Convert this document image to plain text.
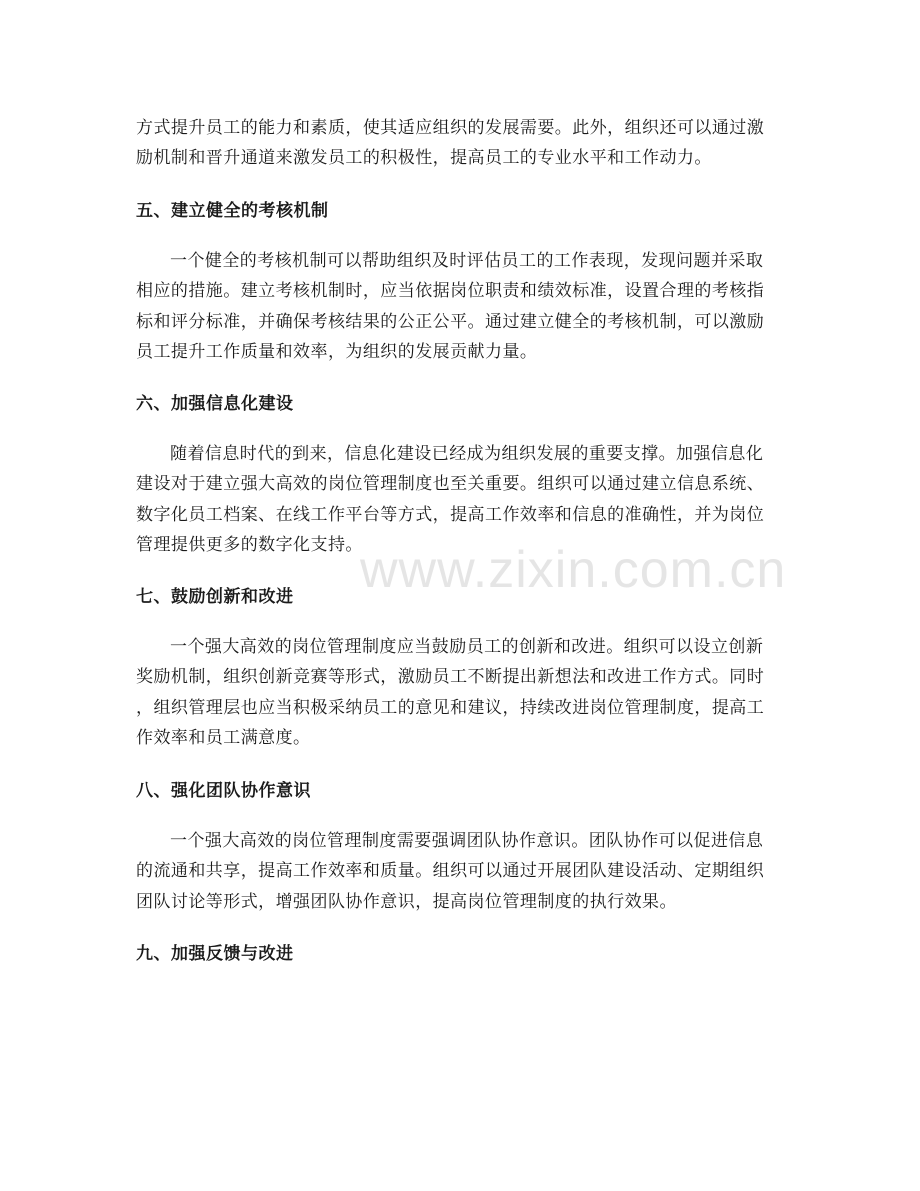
方式提升员工的能力和素质，使其适应组织的发展需要。此外，组织还可以通过激
励机制和晋升通道来激发员工的积极性，提高员工的专业水平和工作动力。
五、建立健全的考核机制
一个健全的考核机制可以帮助组织及时评估员工的工作表现，发现问题并采取
相应的措施。建立考核机制时，应当依据岗位职责和绩效标准，设置合理的考核指
标和评分标准，并确保考核结果的公正公平。通过建立健全的考核机制，可以激励
员工提升工作质量和效率，为组织的发展贡献力量。
六、加强信息化建设
随着信息时代的到来，信息化建设已经成为组织发展的重要支撑。加强信息化
建设对于建立强大高效的岗位管理制度也至关重要。组织可以通过建立信息系统、
数字化员工档案、在线工作平台等方式，提高工作效率和信息的准确性，并为岗位
管理提供更多的数字化支持。
七、鼓励创新和改进
一个强大高效的岗位管理制度应当鼓励员工的创新和改进。组织可以设立创新
奖励机制，组织创新竞赛等形式，激励员工不断提出新想法和改进工作方式。同时
，组织管理层也应当积极采纳员工的意见和建议，持续改进岗位管理制度，提高工
作效率和员工满意度。
八、强化团队协作意识
一个强大高效的岗位管理制度需要强调团队协作意识。团队协作可以促进信息
的流通和共享，提高工作效率和质量。组织可以通过开展团队建设活动、定期组织
团队讨论等形式，增强团队协作意识，提高岗位管理制度的执行效果。
九、加强反馈与改进
www.zixin.com.cn
